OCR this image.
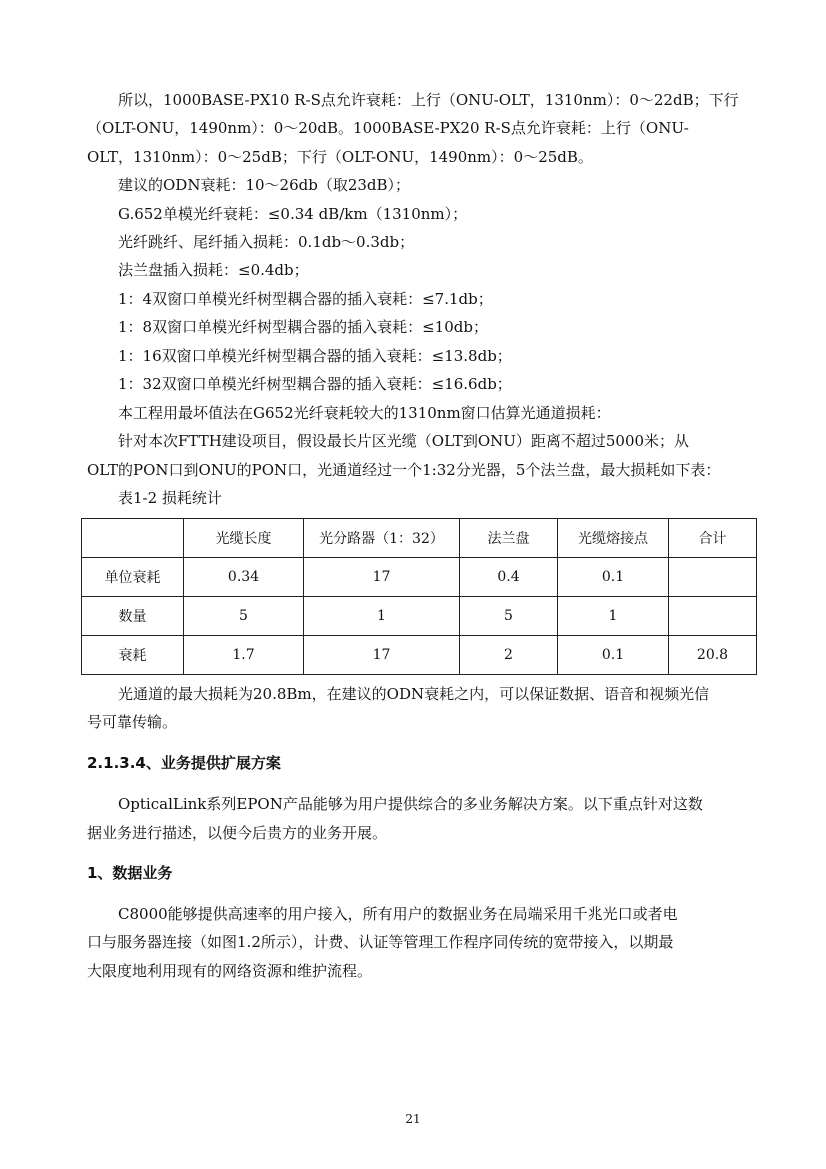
所以，1000BASE-PX10 R-S点允许衰耗：上行（ONU-OLT，1310nm）：0～22dB；下行
（OLT-ONU，1490nm）：0～20dB。1000BASE-PX20 R-S点允许衰耗：上行（ONU-
OLT，1310nm）：0～25dB；下行（OLT-ONU，1490nm）：0～25dB。
建议的ODN衰耗：10～26db（取23dB）；
G.652单模光纤衰耗：≤0.34 dB/km（1310nm）；
光纤跳纤、尾纤插入损耗：0.1db～0.3db；
法兰盘插入损耗：≤0.4db；
1：4双窗口单模光纤树型耦合器的插入衰耗：≤7.1db；
1：8双窗口单模光纤树型耦合器的插入衰耗：≤10db；
1：16双窗口单模光纤树型耦合器的插入衰耗：≤13.8db；
1：32双窗口单模光纤树型耦合器的插入衰耗：≤16.6db；
本工程用最坏值法在G652光纤衰耗较大的1310nm窗口估算光通道损耗：
针对本次FTTH建设项目，假设最长片区光缆（OLT到ONU）距离不超过5000米；从
OLT的PON口到ONU的PON口，光通道经过一个1:32分光器，5个法兰盘，最大损耗如下表：
表1-2 损耗统计
	光缆长度	光分路器（1：32）	法兰盘	光缆熔接点	合计
单位衰耗	0.34	17	0.4	0.1	
数量	5	1	5	1	
衰耗	1.7	17	2	0.1	20.8
光通道的最大损耗为20.8Bm，在建议的ODN衰耗之内，可以保证数据、语音和视频光信
号可靠传输。
2.1.3.4、业务提供扩展方案
OpticalLink系列EPON产品能够为用户提供综合的多业务解决方案。以下重点针对这数
据业务进行描述，以便今后贵方的业务开展。
1、数据业务
C8000能够提供高速率的用户接入，所有用户的数据业务在局端采用千兆光口或者电
口与服务器连接（如图1.2所示），计费、认证等管理工作程序同传统的宽带接入，以期最
大限度地利用现有的网络资源和维护流程。
21
